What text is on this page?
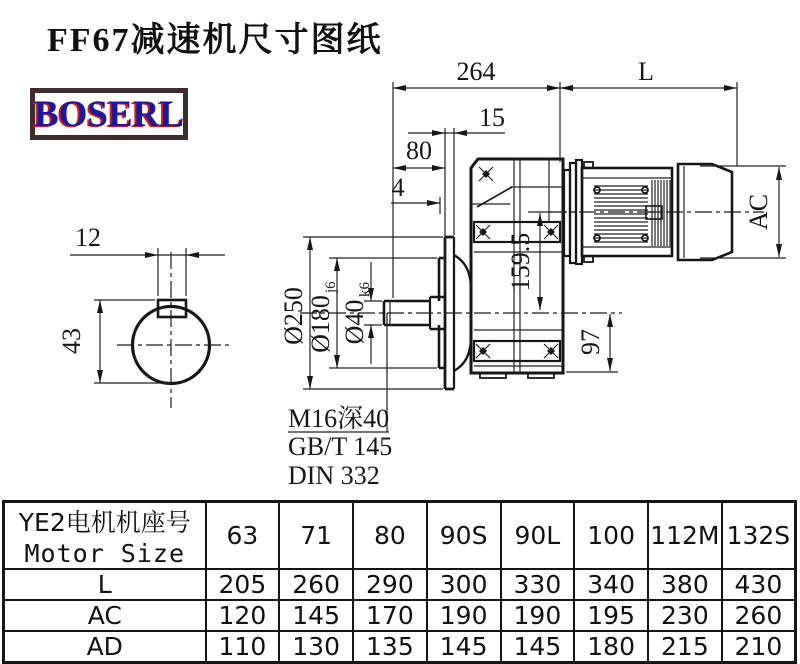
FF67减速机尺寸图纸
BOSERL
12
43
264	L
15
80
4
Ø250
Ø180
j6
Ø40
k6	159.5
97
AC
M16深40
GB/T 145
DIN 332
YE2电机机座号
Motor Size	63	71	80	90S	90L	100	112M	132S
L	205	260	290	300	330	340	380	430
AC	120	145	170	190	190	195	230	260
AD	110	130	135	145	145	180	215	210
